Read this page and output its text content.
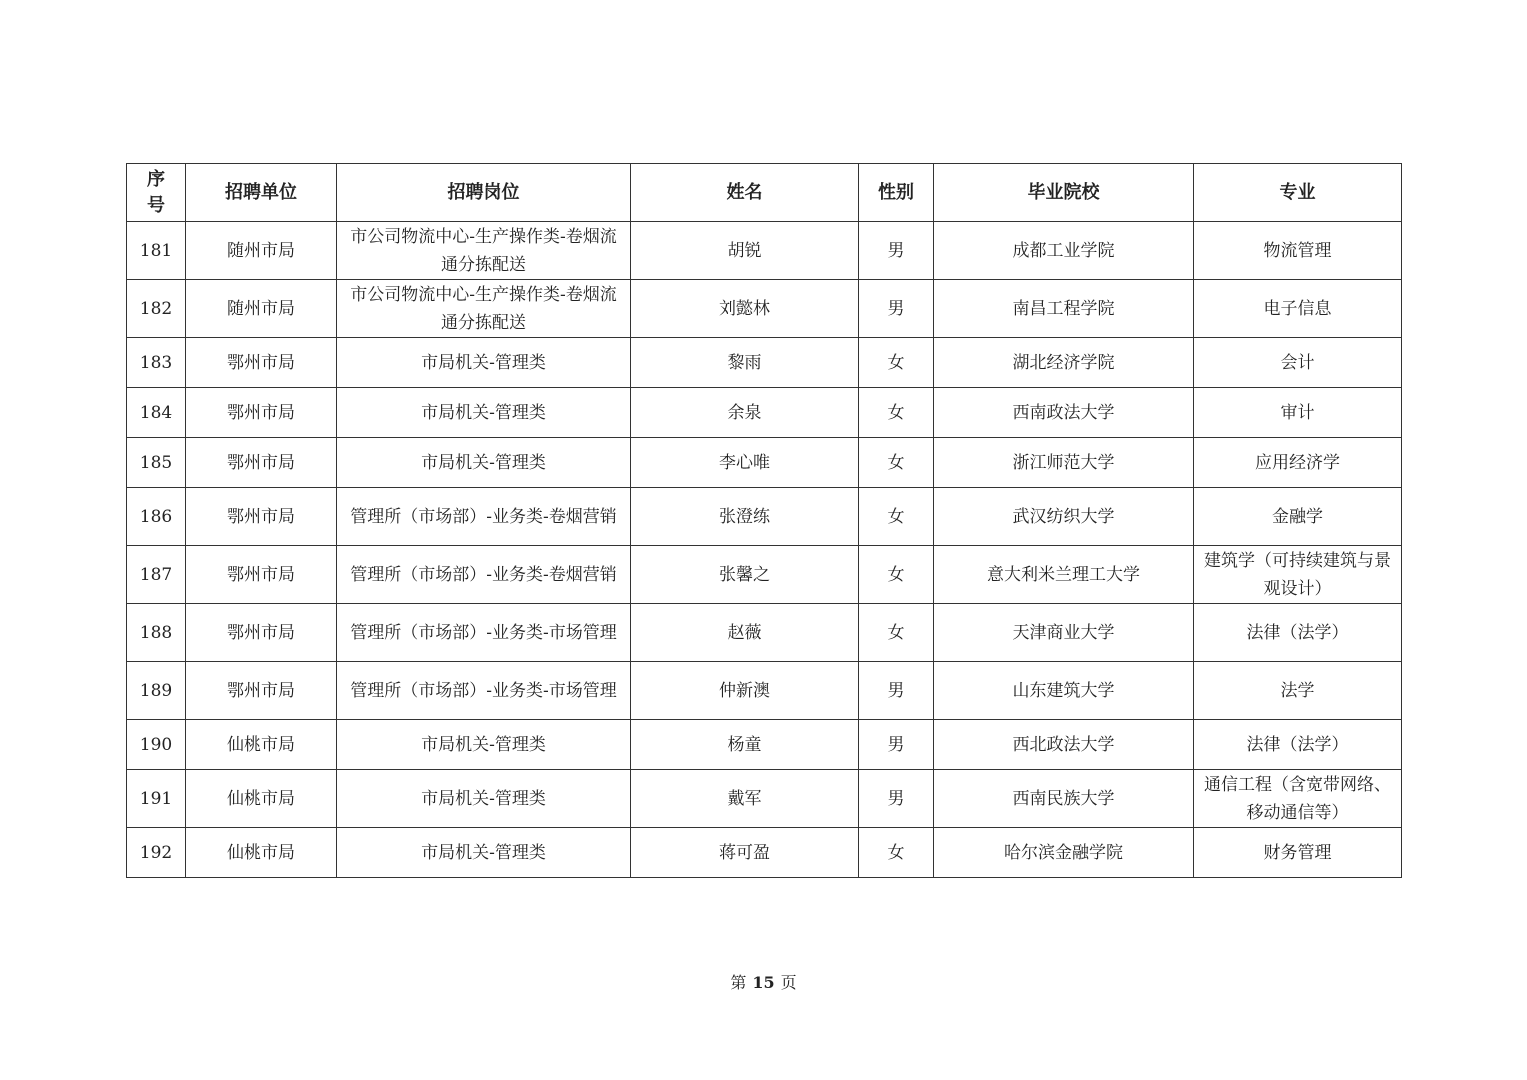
序号	招聘单位	招聘岗位	姓名	性别	毕业院校	专业
181	随州市局	市公司物流中心-生产操作类-卷烟流通分拣配送	胡锐	男	成都工业学院	物流管理
182	随州市局	市公司物流中心-生产操作类-卷烟流通分拣配送	刘懿林	男	南昌工程学院	电子信息
183	鄂州市局	市局机关-管理类	黎雨	女	湖北经济学院	会计
184	鄂州市局	市局机关-管理类	余泉	女	西南政法大学	审计
185	鄂州市局	市局机关-管理类	李心唯	女	浙江师范大学	应用经济学
186	鄂州市局	管理所（市场部）-业务类-卷烟营销	张澄练	女	武汉纺织大学	金融学
187	鄂州市局	管理所（市场部）-业务类-卷烟营销	张馨之	女	意大利米兰理工大学	建筑学（可持续建筑与景观设计）
188	鄂州市局	管理所（市场部）-业务类-市场管理	赵薇	女	天津商业大学	法律（法学）
189	鄂州市局	管理所（市场部）-业务类-市场管理	仲新澳	男	山东建筑大学	法学
190	仙桃市局	市局机关-管理类	杨童	男	西北政法大学	法律（法学）
191	仙桃市局	市局机关-管理类	戴军	男	西南民族大学	通信工程（含宽带网络、移动通信等）
192	仙桃市局	市局机关-管理类	蒋可盈	女	哈尔滨金融学院	财务管理
第 15 页
